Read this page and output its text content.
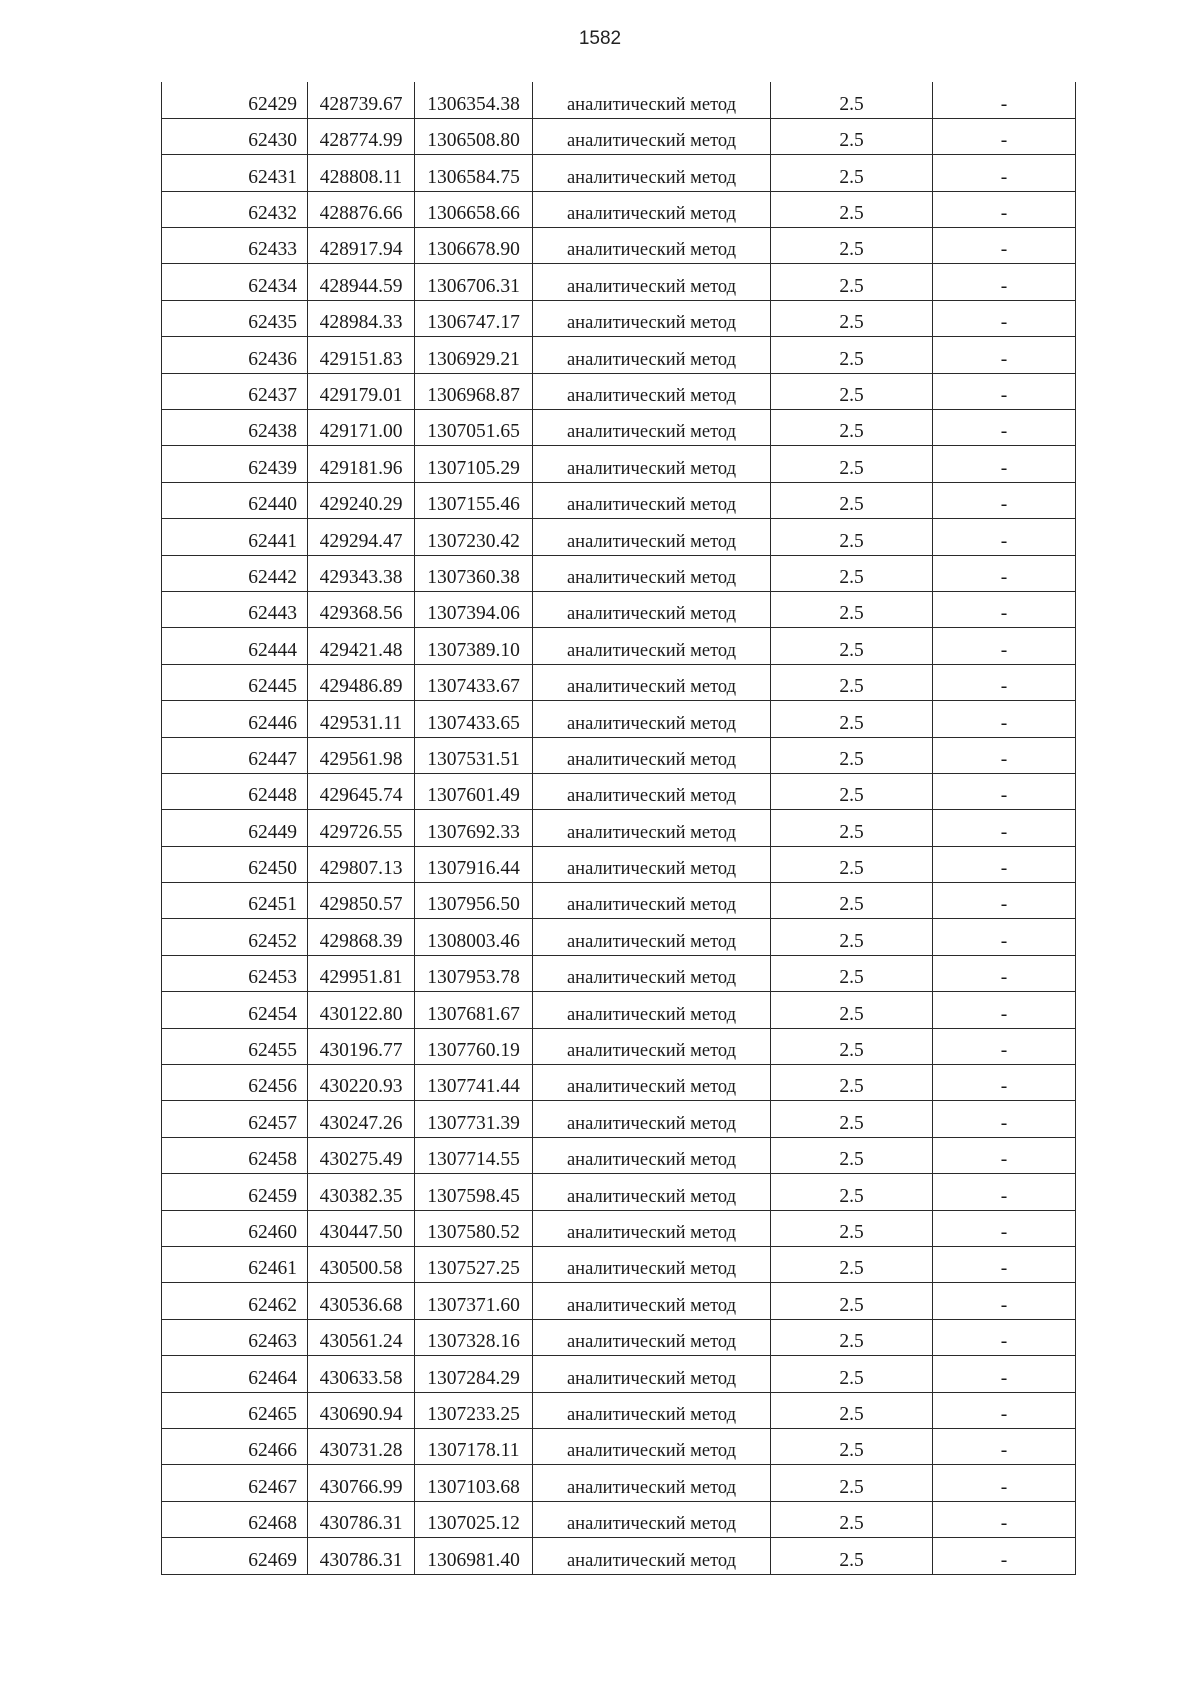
1582
62429	428739.67	1306354.38	аналитический метод	2.5	-
62430	428774.99	1306508.80	аналитический метод	2.5	-
62431	428808.11	1306584.75	аналитический метод	2.5	-
62432	428876.66	1306658.66	аналитический метод	2.5	-
62433	428917.94	1306678.90	аналитический метод	2.5	-
62434	428944.59	1306706.31	аналитический метод	2.5	-
62435	428984.33	1306747.17	аналитический метод	2.5	-
62436	429151.83	1306929.21	аналитический метод	2.5	-
62437	429179.01	1306968.87	аналитический метод	2.5	-
62438	429171.00	1307051.65	аналитический метод	2.5	-
62439	429181.96	1307105.29	аналитический метод	2.5	-
62440	429240.29	1307155.46	аналитический метод	2.5	-
62441	429294.47	1307230.42	аналитический метод	2.5	-
62442	429343.38	1307360.38	аналитический метод	2.5	-
62443	429368.56	1307394.06	аналитический метод	2.5	-
62444	429421.48	1307389.10	аналитический метод	2.5	-
62445	429486.89	1307433.67	аналитический метод	2.5	-
62446	429531.11	1307433.65	аналитический метод	2.5	-
62447	429561.98	1307531.51	аналитический метод	2.5	-
62448	429645.74	1307601.49	аналитический метод	2.5	-
62449	429726.55	1307692.33	аналитический метод	2.5	-
62450	429807.13	1307916.44	аналитический метод	2.5	-
62451	429850.57	1307956.50	аналитический метод	2.5	-
62452	429868.39	1308003.46	аналитический метод	2.5	-
62453	429951.81	1307953.78	аналитический метод	2.5	-
62454	430122.80	1307681.67	аналитический метод	2.5	-
62455	430196.77	1307760.19	аналитический метод	2.5	-
62456	430220.93	1307741.44	аналитический метод	2.5	-
62457	430247.26	1307731.39	аналитический метод	2.5	-
62458	430275.49	1307714.55	аналитический метод	2.5	-
62459	430382.35	1307598.45	аналитический метод	2.5	-
62460	430447.50	1307580.52	аналитический метод	2.5	-
62461	430500.58	1307527.25	аналитический метод	2.5	-
62462	430536.68	1307371.60	аналитический метод	2.5	-
62463	430561.24	1307328.16	аналитический метод	2.5	-
62464	430633.58	1307284.29	аналитический метод	2.5	-
62465	430690.94	1307233.25	аналитический метод	2.5	-
62466	430731.28	1307178.11	аналитический метод	2.5	-
62467	430766.99	1307103.68	аналитический метод	2.5	-
62468	430786.31	1307025.12	аналитический метод	2.5	-
62469	430786.31	1306981.40	аналитический метод	2.5	-
